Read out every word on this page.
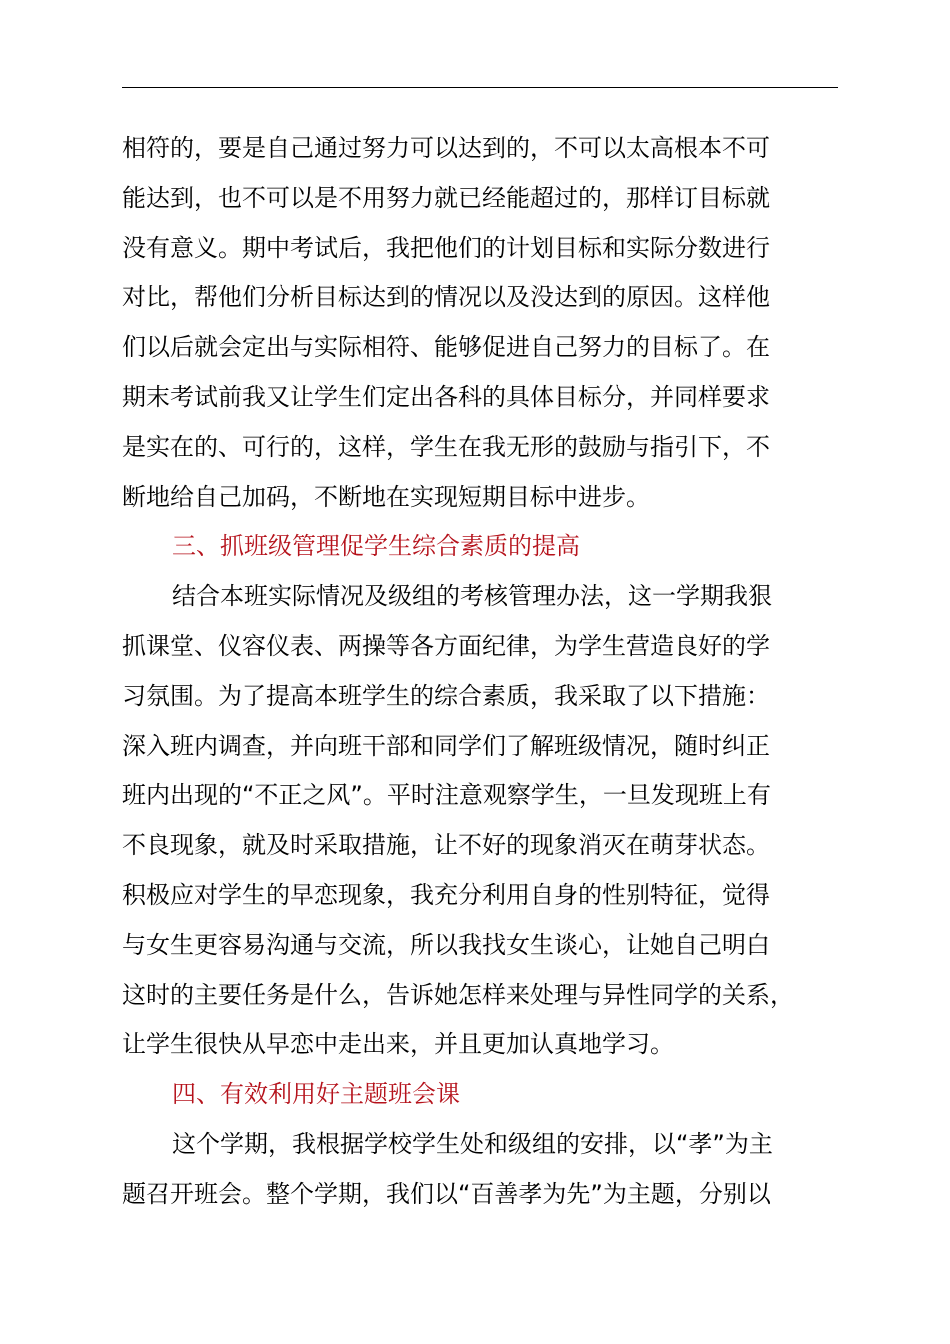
相符的，要是自己通过努力可以达到的，不可以太高根本不可
能达到，也不可以是不用努力就已经能超过的，那样订目标就
没有意义。期中考试后，我把他们的计划目标和实际分数进行
对比，帮他们分析目标达到的情况以及没达到的原因。这样他
们以后就会定出与实际相符、能够促进自己努力的目标了。在
期末考试前我又让学生们定出各科的具体目标分，并同样要求
是实在的、可行的，这样，学生在我无形的鼓励与指引下，不
断地给自己加码，不断地在实现短期目标中进步。
三、抓班级管理促学生综合素质的提高
结合本班实际情况及级组的考核管理办法，这一学期我狠
抓课堂、仪容仪表、两操等各方面纪律，为学生营造良好的学
习氛围。为了提高本班学生的综合素质，我采取了以下措施：
深入班内调查，并向班干部和同学们了解班级情况，随时纠正
班内出现的“不正之风”。平时注意观察学生，一旦发现班上有
不良现象，就及时采取措施，让不好的现象消灭在萌芽状态。
积极应对学生的早恋现象，我充分利用自身的性别特征，觉得
与女生更容易沟通与交流，所以我找女生谈心，让她自己明白
这时的主要任务是什么，告诉她怎样来处理与异性同学的关系，
让学生很快从早恋中走出来，并且更加认真地学习。
四、有效利用好主题班会课
这个学期，我根据学校学生处和级组的安排，以“孝”为主
题召开班会。整个学期，我们以“百善孝为先”为主题，分别以
